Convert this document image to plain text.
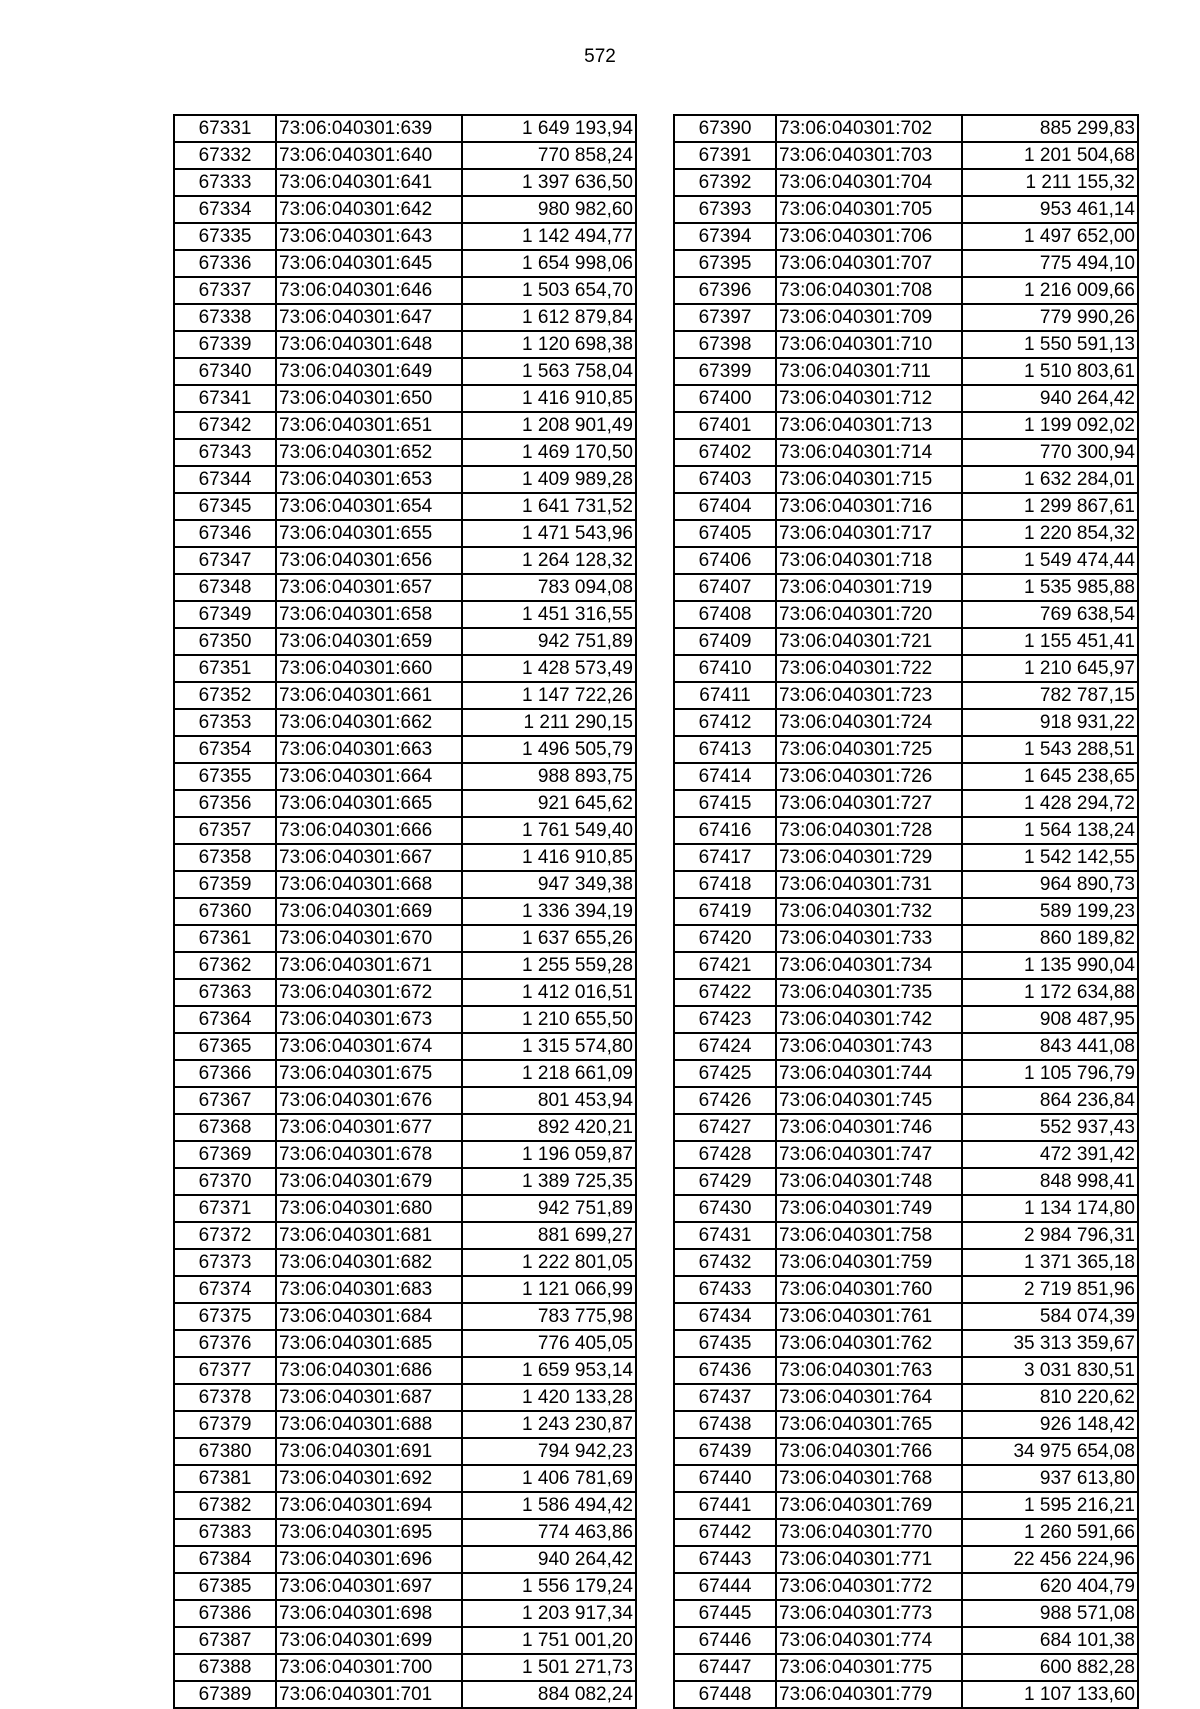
572
67331	73:06:040301:639	1 649 193,94
67332	73:06:040301:640	770 858,24
67333	73:06:040301:641	1 397 636,50
67334	73:06:040301:642	980 982,60
67335	73:06:040301:643	1 142 494,77
67336	73:06:040301:645	1 654 998,06
67337	73:06:040301:646	1 503 654,70
67338	73:06:040301:647	1 612 879,84
67339	73:06:040301:648	1 120 698,38
67340	73:06:040301:649	1 563 758,04
67341	73:06:040301:650	1 416 910,85
67342	73:06:040301:651	1 208 901,49
67343	73:06:040301:652	1 469 170,50
67344	73:06:040301:653	1 409 989,28
67345	73:06:040301:654	1 641 731,52
67346	73:06:040301:655	1 471 543,96
67347	73:06:040301:656	1 264 128,32
67348	73:06:040301:657	783 094,08
67349	73:06:040301:658	1 451 316,55
67350	73:06:040301:659	942 751,89
67351	73:06:040301:660	1 428 573,49
67352	73:06:040301:661	1 147 722,26
67353	73:06:040301:662	1 211 290,15
67354	73:06:040301:663	1 496 505,79
67355	73:06:040301:664	988 893,75
67356	73:06:040301:665	921 645,62
67357	73:06:040301:666	1 761 549,40
67358	73:06:040301:667	1 416 910,85
67359	73:06:040301:668	947 349,38
67360	73:06:040301:669	1 336 394,19
67361	73:06:040301:670	1 637 655,26
67362	73:06:040301:671	1 255 559,28
67363	73:06:040301:672	1 412 016,51
67364	73:06:040301:673	1 210 655,50
67365	73:06:040301:674	1 315 574,80
67366	73:06:040301:675	1 218 661,09
67367	73:06:040301:676	801 453,94
67368	73:06:040301:677	892 420,21
67369	73:06:040301:678	1 196 059,87
67370	73:06:040301:679	1 389 725,35
67371	73:06:040301:680	942 751,89
67372	73:06:040301:681	881 699,27
67373	73:06:040301:682	1 222 801,05
67374	73:06:040301:683	1 121 066,99
67375	73:06:040301:684	783 775,98
67376	73:06:040301:685	776 405,05
67377	73:06:040301:686	1 659 953,14
67378	73:06:040301:687	1 420 133,28
67379	73:06:040301:688	1 243 230,87
67380	73:06:040301:691	794 942,23
67381	73:06:040301:692	1 406 781,69
67382	73:06:040301:694	1 586 494,42
67383	73:06:040301:695	774 463,86
67384	73:06:040301:696	940 264,42
67385	73:06:040301:697	1 556 179,24
67386	73:06:040301:698	1 203 917,34
67387	73:06:040301:699	1 751 001,20
67388	73:06:040301:700	1 501 271,73
67389	73:06:040301:701	884 082,24
67390	73:06:040301:702	885 299,83
67391	73:06:040301:703	1 201 504,68
67392	73:06:040301:704	1 211 155,32
67393	73:06:040301:705	953 461,14
67394	73:06:040301:706	1 497 652,00
67395	73:06:040301:707	775 494,10
67396	73:06:040301:708	1 216 009,66
67397	73:06:040301:709	779 990,26
67398	73:06:040301:710	1 550 591,13
67399	73:06:040301:711	1 510 803,61
67400	73:06:040301:712	940 264,42
67401	73:06:040301:713	1 199 092,02
67402	73:06:040301:714	770 300,94
67403	73:06:040301:715	1 632 284,01
67404	73:06:040301:716	1 299 867,61
67405	73:06:040301:717	1 220 854,32
67406	73:06:040301:718	1 549 474,44
67407	73:06:040301:719	1 535 985,88
67408	73:06:040301:720	769 638,54
67409	73:06:040301:721	1 155 451,41
67410	73:06:040301:722	1 210 645,97
67411	73:06:040301:723	782 787,15
67412	73:06:040301:724	918 931,22
67413	73:06:040301:725	1 543 288,51
67414	73:06:040301:726	1 645 238,65
67415	73:06:040301:727	1 428 294,72
67416	73:06:040301:728	1 564 138,24
67417	73:06:040301:729	1 542 142,55
67418	73:06:040301:731	964 890,73
67419	73:06:040301:732	589 199,23
67420	73:06:040301:733	860 189,82
67421	73:06:040301:734	1 135 990,04
67422	73:06:040301:735	1 172 634,88
67423	73:06:040301:742	908 487,95
67424	73:06:040301:743	843 441,08
67425	73:06:040301:744	1 105 796,79
67426	73:06:040301:745	864 236,84
67427	73:06:040301:746	552 937,43
67428	73:06:040301:747	472 391,42
67429	73:06:040301:748	848 998,41
67430	73:06:040301:749	1 134 174,80
67431	73:06:040301:758	2 984 796,31
67432	73:06:040301:759	1 371 365,18
67433	73:06:040301:760	2 719 851,96
67434	73:06:040301:761	584 074,39
67435	73:06:040301:762	35 313 359,67
67436	73:06:040301:763	3 031 830,51
67437	73:06:040301:764	810 220,62
67438	73:06:040301:765	926 148,42
67439	73:06:040301:766	34 975 654,08
67440	73:06:040301:768	937 613,80
67441	73:06:040301:769	1 595 216,21
67442	73:06:040301:770	1 260 591,66
67443	73:06:040301:771	22 456 224,96
67444	73:06:040301:772	620 404,79
67445	73:06:040301:773	988 571,08
67446	73:06:040301:774	684 101,38
67447	73:06:040301:775	600 882,28
67448	73:06:040301:779	1 107 133,60
